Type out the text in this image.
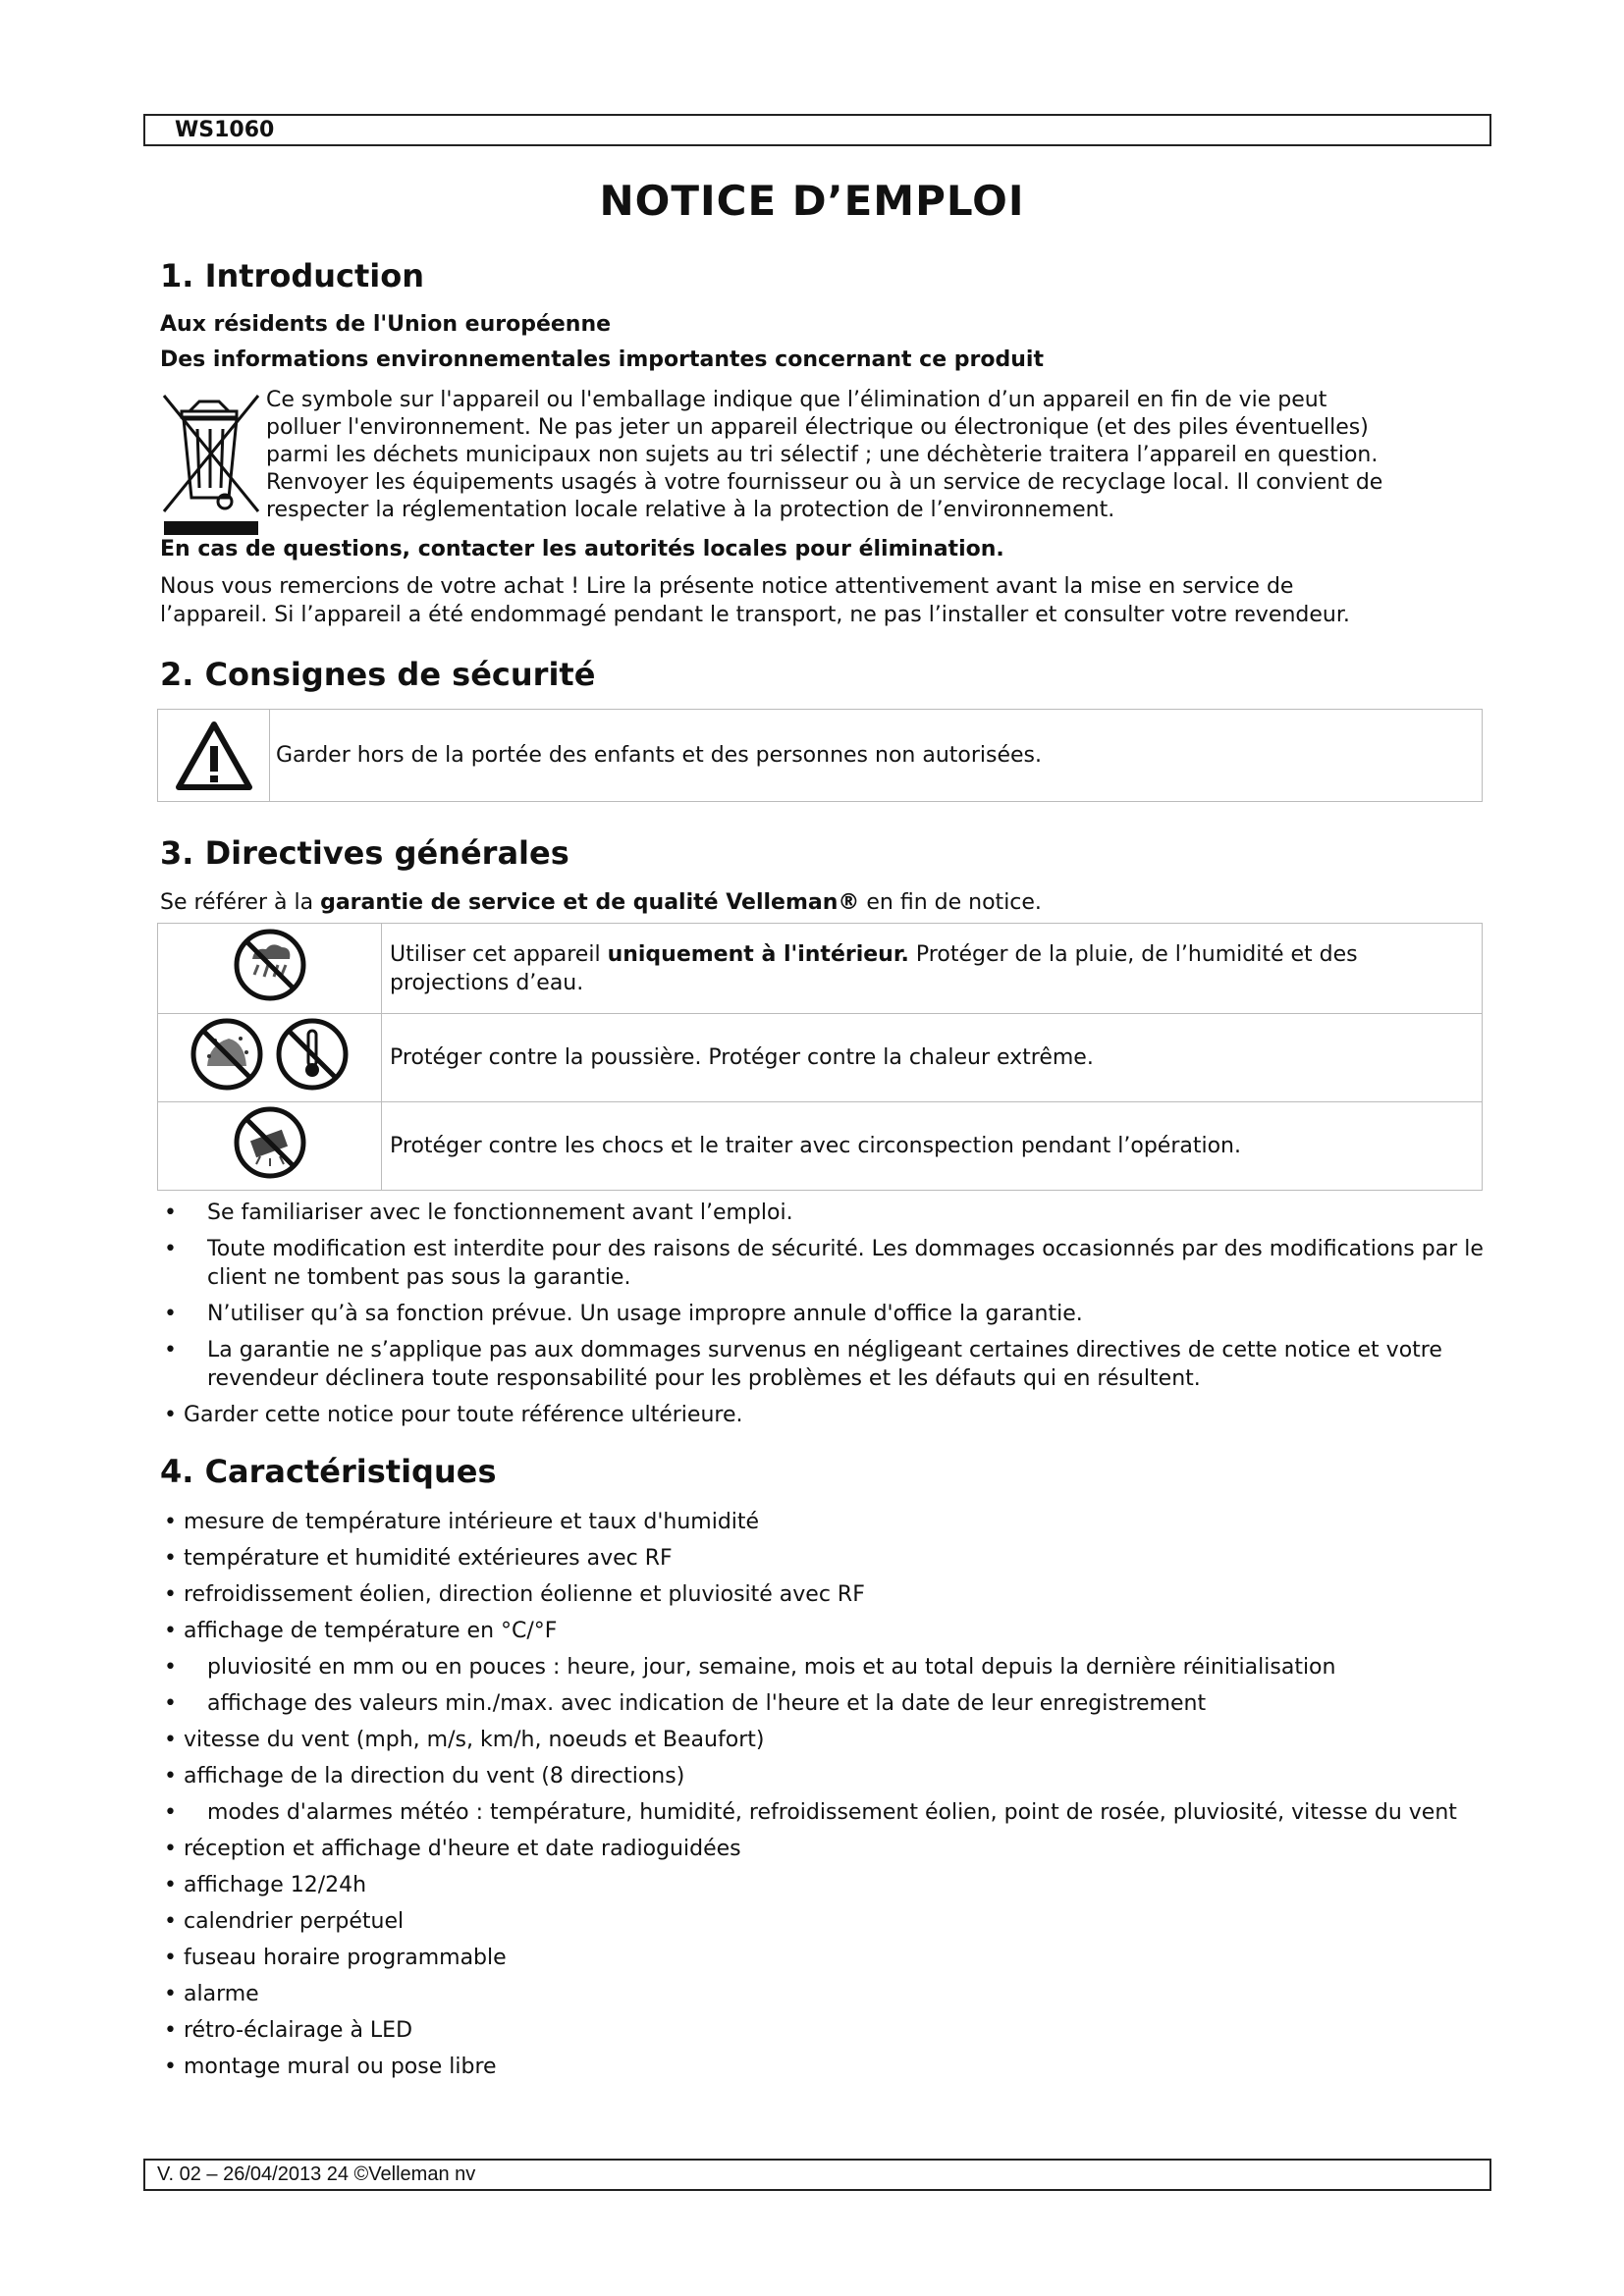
WS1060
NOTICE D’EMPLOI
1. Introduction
Aux résidents de l'Union européenne
Des informations environnementales importantes concernant ce produit
Ce symbole sur l'appareil ou l'emballage indique que l’élimination d’un appareil en fin de vie peut
polluer l'environnement. Ne pas jeter un appareil électrique ou électronique (et des piles éventuelles)
parmi les déchets municipaux non sujets au tri sélectif ; une déchèterie traitera l’appareil en question.
Renvoyer les équipements usagés à votre fournisseur ou à un service de recyclage local. Il convient de
respecter la réglementation locale relative à la protection de l’environnement.
En cas de questions, contacter les autorités locales pour élimination.
Nous vous remercions de votre achat ! Lire la présente notice attentivement avant la mise en service de
l’appareil. Si l’appareil a été endommagé pendant le transport, ne pas l’installer et consulter votre revendeur.
2. Consignes de sécurité
Garder hors de la portée des enfants et des personnes non autorisées.
3. Directives générales
Se référer à la garantie de service et de qualité Velleman® en fin de notice.
	Utiliser cet appareil uniquement à l'intérieur. Protéger de la pluie, de l’humidité et des projections d’eau.
	Protéger contre la poussière. Protéger contre la chaleur extrême.
	Protéger contre les chocs et le traiter avec circonspection pendant l’opération.
• Se familiariser avec le fonctionnement avant l’emploi.
• Toute modification est interdite pour des raisons de sécurité. Les dommages occasionnés par des modifications par le client ne tombent pas sous la garantie.
• N’utiliser qu’à sa fonction prévue. Un usage impropre annule d'office la garantie.
• La garantie ne s’applique pas aux dommages survenus en négligeant certaines directives de cette notice et votre revendeur déclinera toute responsabilité pour les problèmes et les défauts qui en résultent.
• Garder cette notice pour toute référence ultérieure.
4. Caractéristiques
• mesure de température intérieure et taux d'humidité
• température et humidité extérieures avec RF
• refroidissement éolien, direction éolienne et pluviosité avec RF
• affichage de température en °C/°F
• pluviosité en mm ou en pouces : heure, jour, semaine, mois et au total depuis la dernière réinitialisation
• affichage des valeurs min./max. avec indication de l'heure et la date de leur enregistrement
• vitesse du vent (mph, m/s, km/h, noeuds et Beaufort)
• affichage de la direction du vent (8 directions)
• modes d'alarmes météo : température, humidité, refroidissement éolien, point de rosée, pluviosité, vitesse du vent
• réception et affichage d'heure et date radioguidées
• affichage 12/24h
• calendrier perpétuel
• fuseau horaire programmable
• alarme
• rétro-éclairage à LED
• montage mural ou pose libre
V. 02 – 26/04/2013 24 ©Velleman nv
